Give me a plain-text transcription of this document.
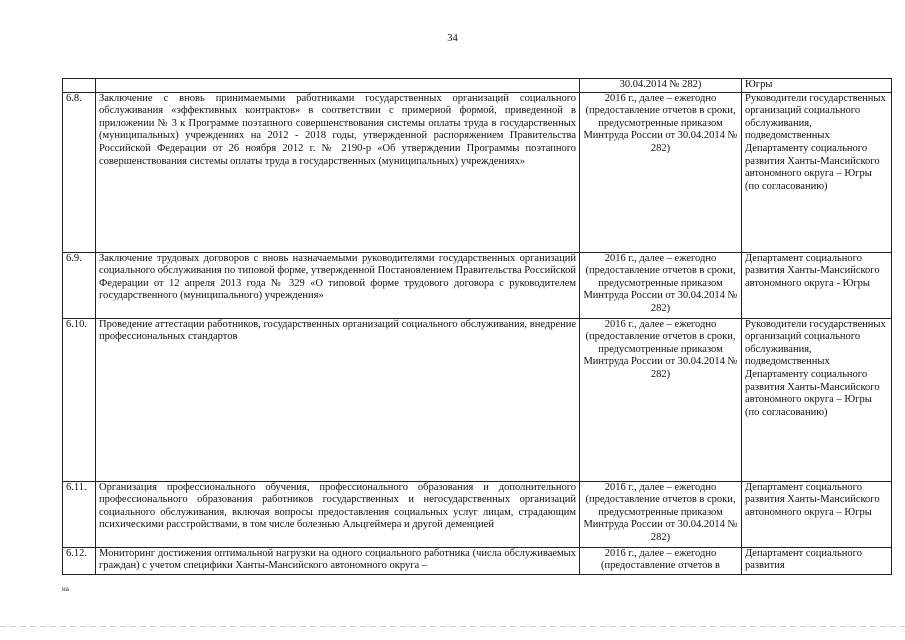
34
		30.04.2014 № 282)	Югры
6.8.	Заключение с вновь принимаемыми работниками государственных организаций социального обслуживания «эффективных контрактов» в соответствии с примерной формой, приведенной в приложении № 3 к Программе поэтапного совершенствования системы оплаты труда в государственных (муниципальных) учреждениях на 2012 - 2018 годы, утвержденной распоряжением Правительства Российской Федерации от 26 ноября 2012 г. № 2190-р «Об утверждении Программы поэтапного совершенствования системы оплаты труда в государственных (муниципальных) учреждениях»	2016 г., далее – ежегодно (предоставление отчетов в сроки, предусмотренные приказом Минтруда России от 30.04.2014 № 282)	Руководители государственных организаций социального обслуживания, подведомственных Департаменту социального развития Ханты-Мансийского автономного округа – Югры (по согласованию)
6.9.	Заключение трудовых договоров с вновь назначаемыми руководителями государственных организаций социального обслуживания по типовой форме, утвержденной Постановлением Правительства Российской Федерации от 12 апреля 2013 года № 329 «О типовой форме трудового договора с руководителем государственного (муниципального) учреждения»	2016 г., далее – ежегодно (предоставление отчетов в сроки, предусмотренные приказом Минтруда России от 30.04.2014 № 282)	Департамент социального развития Ханты-Мансийского автономного округа - Югры
6.10.	Проведение аттестации работников, государственных организаций социального обслуживания, внедрение профессиональных стандартов	2016 г., далее – ежегодно (предоставление отчетов в сроки, предусмотренные приказом Минтруда России от 30.04.2014 № 282)	Руководители государственных организаций социального обслуживания, подведомственных Департаменту социального развития Ханты-Мансийского автономного округа – Югры (по согласованию)
6.11.	Организация профессионального обучения, профессионального образования и дополнительного профессионального образования работников государственных и негосударственных организаций социального обслуживания, включая вопросы предоставления социальных услуг лицам, страдающим психическими расстройствами, в том числе болезнью Альцгеймера и другой деменцией	2016 г., далее – ежегодно (предоставление отчетов в сроки, предусмотренные приказом Минтруда России от 30.04.2014 № 282)	Департамент социального развития Ханты-Мансийского автономного округа – Югры
6.12.	Мониторинг достижения оптимальной нагрузки на одного социального работника (числа обслуживаемых граждан) с учетом специфики Ханты-Мансийского автономного округа –	2016 г., далее – ежегодно (предоставление отчетов в	Департамент социального развития
на
